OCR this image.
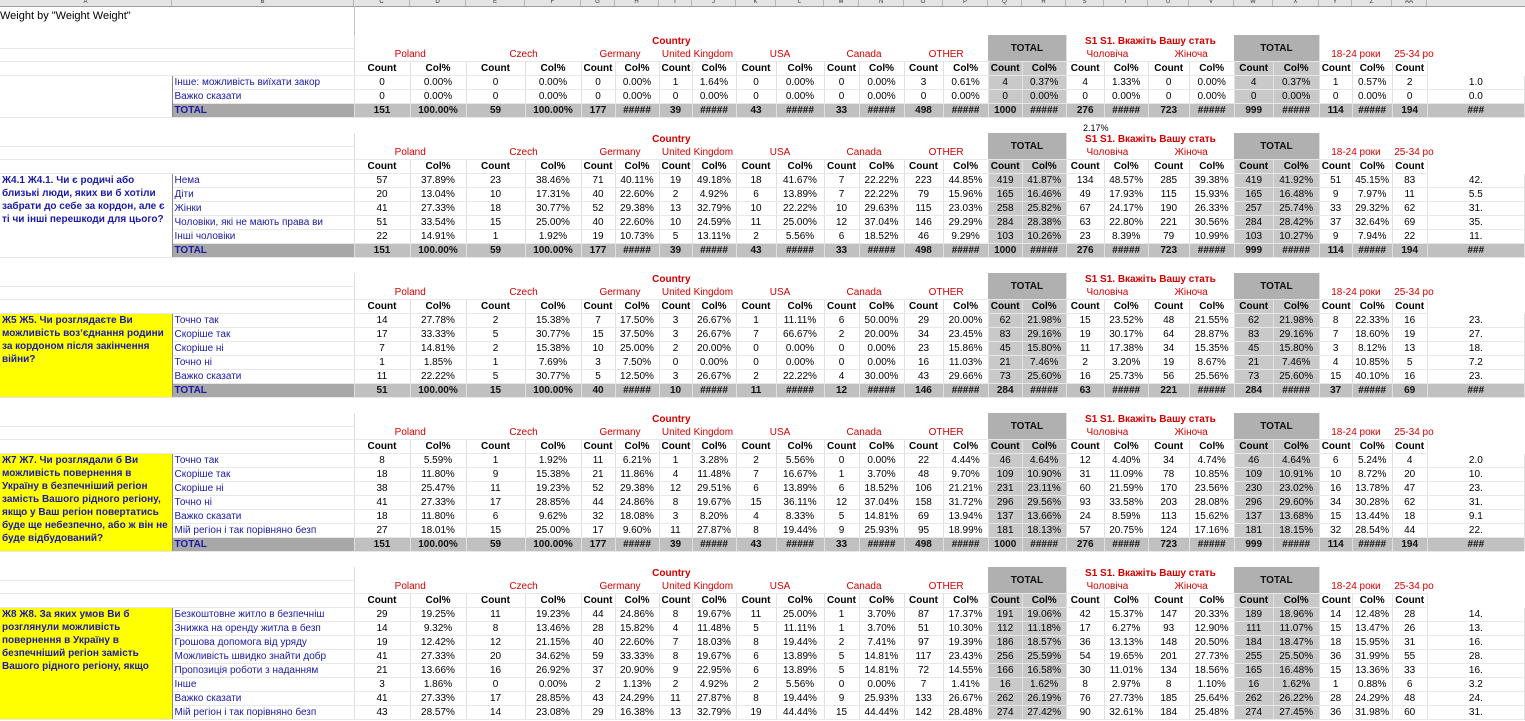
A	B	C	D	E	F	G	H	I	J	K	L	M	N	O	P	Q	R	S	T	U	V	W	X	Y	Z	AA
Weight by "Weight Weight"
		Country														TOTAL		S1 S1. Вкажіть Вашу стать				TOTAL					
		Poland		Czech		Germany		United Kingdom		USA		Canada		OTHER				Чоловіча		Жіноча				18-24 роки		25-34 ро	
		Count	Col%	Count	Col%	Count	Col%	Count	Col%	Count	Col%	Count	Col%	Count	Col%	Count	Col%	Count	Col%	Count	Col%	Count	Col%	Count	Col%	Count	
	Інше: можливість виїхати закор	0	0.00%	0	0.00%	0	0.00%	1	1.64%	0	0.00%	0	0.00%	3	0.61%	4	0.37%	4	1.33%	0	0.00%	4	0.37%	1	0.57%	2	1.0
	Важко сказати	0	0.00%	0	0.00%	0	0.00%	0	0.00%	0	0.00%	0	0.00%	0	0.00%	0	0.00%	0	0.00%	0	0.00%	0	0.00%	0	0.00%	0	0.0
	TOTAL	151	100.00%	59	100.00%	177	#####	39	#####	43	#####	33	#####	498	#####	1000	#####	276	#####	723	#####	999	#####	114	#####	194	###
		Country														TOTAL		S1 S1. Вкажіть Вашу стать				TOTAL					
		Poland		Czech		Germany		United Kingdom		USA		Canada		OTHER				Чоловіча		Жіноча				18-24 роки		25-34 ро	
		Count	Col%	Count	Col%	Count	Col%	Count	Col%	Count	Col%	Count	Col%	Count	Col%	Count	Col%	Count	Col%	Count	Col%	Count	Col%	Count	Col%	Count	
Ж4.1 Ж4.1. Чи є родичі або близькі люди, яких ви б хотіли забрати до себе за кордон, але є ті чи інші перешкоди для цього?	Нема	57	37.89%	23	38.46%	71	40.11%	19	49.18%	18	41.67%	7	22.22%	223	44.85%	419	41.87%	134	48.57%	285	39.38%	419	41.92%	51	45.15%	83	42.
	Діти	20	13.04%	10	17.31%	40	22.60%	2	4.92%	6	13.89%	7	22.22%	79	15.96%	165	16.46%	49	17.93%	115	15.93%	165	16.48%	9	7.97%	11	5.5
	Жінки	41	27.33%	18	30.77%	52	29.38%	13	32.79%	10	22.22%	10	29.63%	115	23.03%	258	25.82%	67	24.17%	190	26.33%	257	25.74%	33	29.32%	62	31.
	Чоловіки, які не мають права ви	51	33.54%	15	25.00%	40	22.60%	10	24.59%	11	25.00%	12	37.04%	146	29.29%	284	28.38%	63	22.80%	221	30.56%	284	28.42%	37	32.64%	69	35.
	Інші чоловіки	22	14.91%	1	1.92%	19	10.73%	5	13.11%	2	5.56%	6	18.52%	46	9.29%	103	10.26%	23	8.39%	79	10.99%	103	10.27%	9	7.94%	22	11.
	TOTAL	151	100.00%	59	100.00%	177	#####	39	#####	43	#####	33	#####	498	#####	1000	#####	276	#####	723	#####	999	#####	114	#####	194	###
		Country														TOTAL		S1 S1. Вкажіть Вашу стать				TOTAL					
		Poland		Czech		Germany		United Kingdom		USA		Canada		OTHER				Чоловіча		Жіноча				18-24 роки		25-34 ро	
		Count	Col%	Count	Col%	Count	Col%	Count	Col%	Count	Col%	Count	Col%	Count	Col%	Count	Col%	Count	Col%	Count	Col%	Count	Col%	Count	Col%	Count	
Ж5 Ж5. Чи розглядаєте Ви можливість возʼєднання родини за кордоном після закінчення війни?	Точно так	14	27.78%	2	15.38%	7	17.50%	3	26.67%	1	11.11%	6	50.00%	29	20.00%	62	21.98%	15	23.52%	48	21.55%	62	21.98%	8	22.33%	16	23.
	Скоріше так	17	33.33%	5	30.77%	15	37.50%	3	26.67%	7	66.67%	2	20.00%	34	23.45%	83	29.16%	19	30.17%	64	28.87%	83	29.16%	7	18.60%	19	27.
	Скоріше ні	7	14.81%	2	15.38%	10	25.00%	2	20.00%	0	0.00%	0	0.00%	23	15.86%	45	15.80%	11	17.38%	34	15.35%	45	15.80%	3	8.12%	13	18.
	Точно ні	1	1.85%	1	7.69%	3	7.50%	0	0.00%	0	0.00%	0	0.00%	16	11.03%	21	7.46%	2	3.20%	19	8.67%	21	7.46%	4	10.85%	5	7.2
	Важко сказати	11	22.22%	5	30.77%	5	12.50%	3	26.67%	2	22.22%	4	30.00%	43	29.66%	73	25.60%	16	25.73%	56	25.56%	73	25.60%	15	40.10%	16	23.
	TOTAL	51	100.00%	15	100.00%	40	#####	10	#####	11	#####	12	#####	146	#####	284	#####	63	#####	221	#####	284	#####	37	#####	69	###
		Country														TOTAL		S1 S1. Вкажіть Вашу стать				TOTAL					
		Poland		Czech		Germany		United Kingdom		USA		Canada		OTHER				Чоловіча		Жіноча				18-24 роки		25-34 ро	
		Count	Col%	Count	Col%	Count	Col%	Count	Col%	Count	Col%	Count	Col%	Count	Col%	Count	Col%	Count	Col%	Count	Col%	Count	Col%	Count	Col%	Count	
Ж7 Ж7. Чи розглядали б Ви можливість повернення в Україну в безпечніший регіон замість Вашого рідного регіону, якщо у Ваш регіон повертатись буде ще небезпечно, або ж він не буде відбудований?	Точно так	8	5.59%	1	1.92%	11	6.21%	1	3.28%	2	5.56%	0	0.00%	22	4.44%	46	4.64%	12	4.40%	34	4.74%	46	4.64%	6	5.24%	4	2.0
	Скоріше так	18	11.80%	9	15.38%	21	11.86%	4	11.48%	7	16.67%	1	3.70%	48	9.70%	109	10.90%	31	11.09%	78	10.85%	109	10.91%	10	8.72%	20	10.
	Скоріше ні	38	25.47%	11	19.23%	52	29.38%	12	29.51%	6	13.89%	6	18.52%	106	21.21%	231	23.11%	60	21.59%	170	23.56%	230	23.02%	16	13.78%	47	23.
	Точно ні	41	27.33%	17	28.85%	44	24.86%	8	19.67%	15	36.11%	12	37.04%	158	31.72%	296	29.56%	93	33.58%	203	28.08%	296	29.60%	34	30.28%	62	31.
	Важко сказати	18	11.80%	6	9.62%	32	18.08%	3	8.20%	4	8.33%	5	14.81%	69	13.94%	137	13.66%	24	8.59%	113	15.62%	137	13.68%	15	13.44%	18	9.1
	Мій регіон і так порівняно безп	27	18.01%	15	25.00%	17	9.60%	11	27.87%	8	19.44%	9	25.93%	95	18.99%	181	18.13%	57	20.75%	124	17.16%	181	18.15%	32	28.54%	44	22.
	TOTAL	151	100.00%	59	100.00%	177	#####	39	#####	43	#####	33	#####	498	#####	1000	#####	276	#####	723	#####	999	#####	114	#####	194	###
		Country														TOTAL		S1 S1. Вкажіть Вашу стать				TOTAL					
		Poland		Czech		Germany		United Kingdom		USA		Canada		OTHER				Чоловіча		Жіноча				18-24 роки		25-34 ро	
		Count	Col%	Count	Col%	Count	Col%	Count	Col%	Count	Col%	Count	Col%	Count	Col%	Count	Col%	Count	Col%	Count	Col%	Count	Col%	Count	Col%	Count	
Ж8 Ж8. За яких умов Ви б розглянули можливість повернення в Україну в безпечніший регіон замість Вашого рідного регіону, якщо	Безкоштовне житло в безпечніш	29	19.25%	11	19.23%	44	24.86%	8	19.67%	11	25.00%	1	3.70%	87	17.37%	191	19.06%	42	15.37%	147	20.33%	189	18.96%	14	12.48%	28	14.
	Знижка на оренду житла в безп	14	9.32%	8	13.46%	28	15.82%	4	11.48%	5	11.11%	1	3.70%	51	10.30%	112	11.18%	17	6.27%	93	12.90%	111	11.07%	15	13.47%	26	13.
	Грошова допомога від уряду	19	12.42%	12	21.15%	40	22.60%	7	18.03%	8	19.44%	2	7.41%	97	19.39%	186	18.57%	36	13.13%	148	20.50%	184	18.47%	18	15.95%	31	16.
	Можливість швидко знайти добр	41	27.33%	20	34.62%	59	33.33%	8	19.67%	6	13.89%	5	14.81%	117	23.43%	256	25.59%	54	19.65%	201	27.73%	255	25.50%	36	31.99%	55	28.
	Пропозиція роботи з наданням	21	13.66%	16	26.92%	37	20.90%	9	22.95%	6	13.89%	5	14.81%	72	14.55%	166	16.58%	30	11.01%	134	18.56%	165	16.48%	15	13.36%	33	16.
	Інше	3	1.86%	0	0.00%	2	1.13%	2	4.92%	2	5.56%	0	0.00%	7	1.41%	16	1.62%	8	2.97%	8	1.10%	16	1.62%	1	0.88%	6	3.2
	Важко сказати	41	27.33%	17	28.85%	43	24.29%	11	27.87%	8	19.44%	9	25.93%	133	26.67%	262	26.19%	76	27.73%	185	25.64%	262	26.22%	28	24.29%	48	24.
	Мій регіон і так порівняно безп	43	28.57%	14	23.08%	29	16.38%	13	32.79%	19	44.44%	15	44.44%	142	28.48%	274	27.42%	90	32.61%	184	25.48%	274	27.45%	36	31.98%	60	31.
2.17%
